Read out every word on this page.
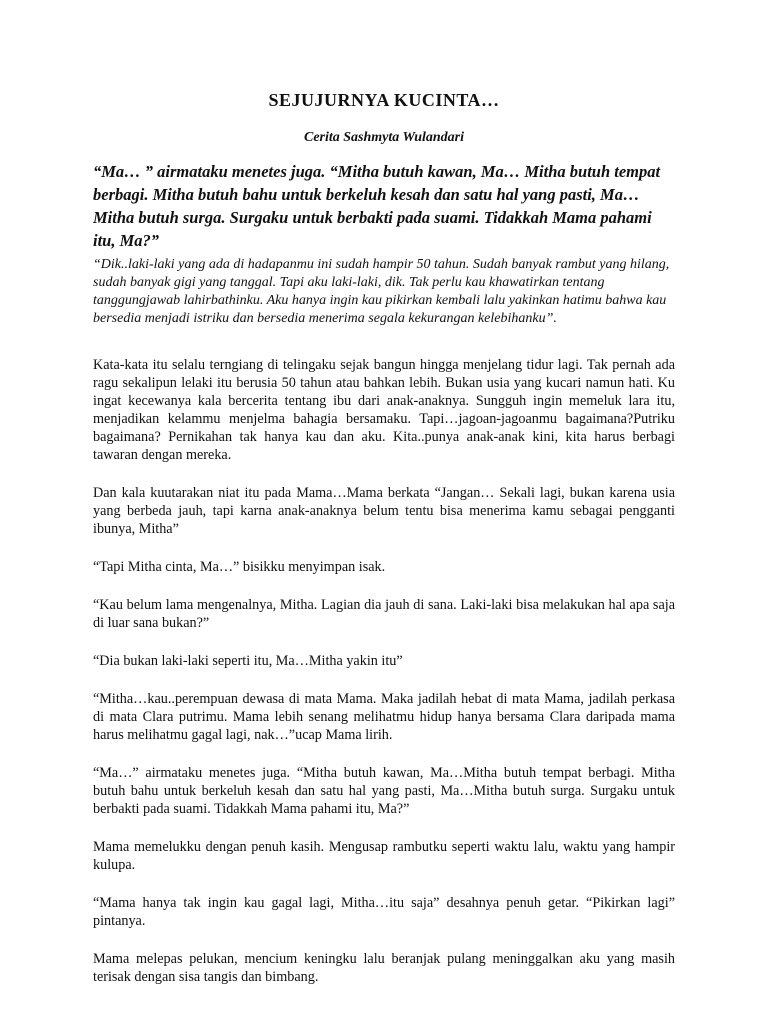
SEJUJURNYA KUCINTA…

Cerita Sashmyta Wulandari

“Ma… ” airmataku menetes juga. “Mitha butuh kawan, Ma… Mitha butuh tempat berbagi. Mitha butuh bahu untuk berkeluh kesah dan satu hal yang pasti, Ma… Mitha butuh surga. Surgaku untuk berbakti pada suami. Tidakkah Mama pahami itu, Ma?”

“Dik..laki-laki yang ada di hadapanmu ini sudah hampir 50 tahun. Sudah banyak rambut yang hilang, sudah banyak gigi yang tanggal. Tapi aku laki-laki, dik. Tak perlu kau khawatirkan tentang tanggungjawab lahirbathinku. Aku hanya ingin kau pikirkan kembali lalu yakinkan hatimu bahwa kau bersedia menjadi istriku dan bersedia menerima segala kekurangan kelebihanku”.

Kata-kata itu selalu terngiang di telingaku sejak bangun hingga menjelang tidur lagi. Tak pernah ada ragu sekalipun lelaki itu berusia 50 tahun atau bahkan lebih. Bukan usia yang kucari namun hati. Ku ingat kecewanya kala bercerita tentang ibu dari anak-anaknya. Sungguh ingin memeluk lara itu, menjadikan kelammu menjelma bahagia bersamaku. Tapi…jagoan-jagoanmu bagaimana?Putriku bagaimana? Pernikahan tak hanya kau dan aku. Kita..punya anak-anak kini, kita harus berbagi tawaran dengan mereka.

Dan kala kuutarakan niat itu pada Mama…Mama berkata “Jangan… Sekali lagi, bukan karena usia yang berbeda jauh, tapi karna anak-anaknya belum tentu bisa menerima kamu sebagai pengganti ibunya, Mitha”

“Tapi Mitha cinta, Ma…” bisikku menyimpan isak.

“Kau belum lama mengenalnya, Mitha. Lagian dia jauh di sana. Laki-laki bisa melakukan hal apa saja di luar sana bukan?”

“Dia bukan laki-laki seperti itu, Ma…Mitha yakin itu”

“Mitha…kau..perempuan dewasa di mata Mama. Maka jadilah hebat di mata Mama, jadilah perkasa di mata Clara putrimu. Mama lebih senang melihatmu hidup hanya bersama Clara daripada mama harus melihatmu gagal lagi, nak…”ucap Mama lirih.

“Ma…” airmataku menetes juga. “Mitha butuh kawan, Ma…Mitha butuh tempat berbagi. Mitha butuh bahu untuk berkeluh kesah dan satu hal yang pasti, Ma…Mitha butuh surga. Surgaku untuk berbakti pada suami. Tidakkah Mama pahami itu, Ma?”

Mama memelukku dengan penuh kasih. Mengusap rambutku seperti waktu lalu, waktu yang hampir kulupa.

“Mama hanya tak ingin kau gagal lagi, Mitha…itu saja” desahnya penuh getar. “Pikirkan lagi” pintanya.

Mama melepas pelukan, mencium keningku lalu beranjak pulang meninggalkan aku yang masih terisak dengan sisa tangis dan bimbang.
